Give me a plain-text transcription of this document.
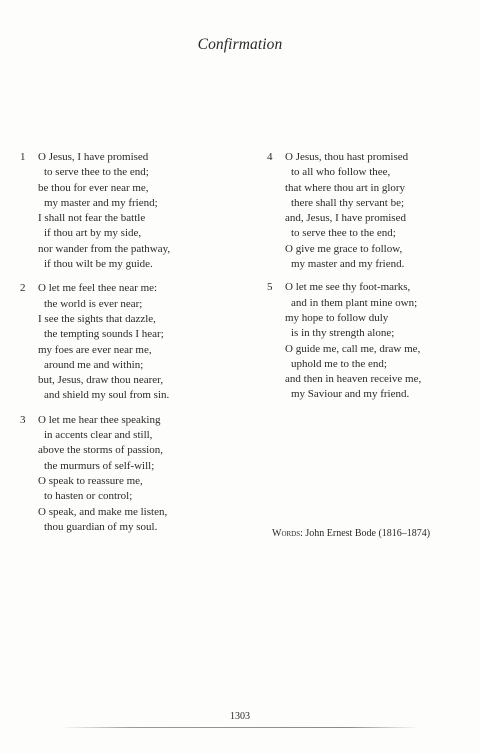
Confirmation
1 O Jesus, I have promised
to serve thee to the end;
be thou for ever near me,
my master and my friend;
I shall not fear the battle
if thou art by my side,
nor wander from the pathway,
if thou wilt be my guide.
2 O let me feel thee near me:
the world is ever near;
I see the sights that dazzle,
the tempting sounds I hear;
my foes are ever near me,
around me and within;
but, Jesus, draw thou nearer,
and shield my soul from sin.
3 O let me hear thee speaking
in accents clear and still,
above the storms of passion,
the murmurs of self-will;
O speak to reassure me,
to hasten or control;
O speak, and make me listen,
thou guardian of my soul.
4 O Jesus, thou hast promised
to all who follow thee,
that where thou art in glory
there shall thy servant be;
and, Jesus, I have promised
to serve thee to the end;
O give me grace to follow,
my master and my friend.
5 O let me see thy foot-marks,
and in them plant mine own;
my hope to follow duly
is in thy strength alone;
O guide me, call me, draw me,
uphold me to the end;
and then in heaven receive me,
my Saviour and my friend.
Words: John Ernest Bode (1816–1874)
1303
